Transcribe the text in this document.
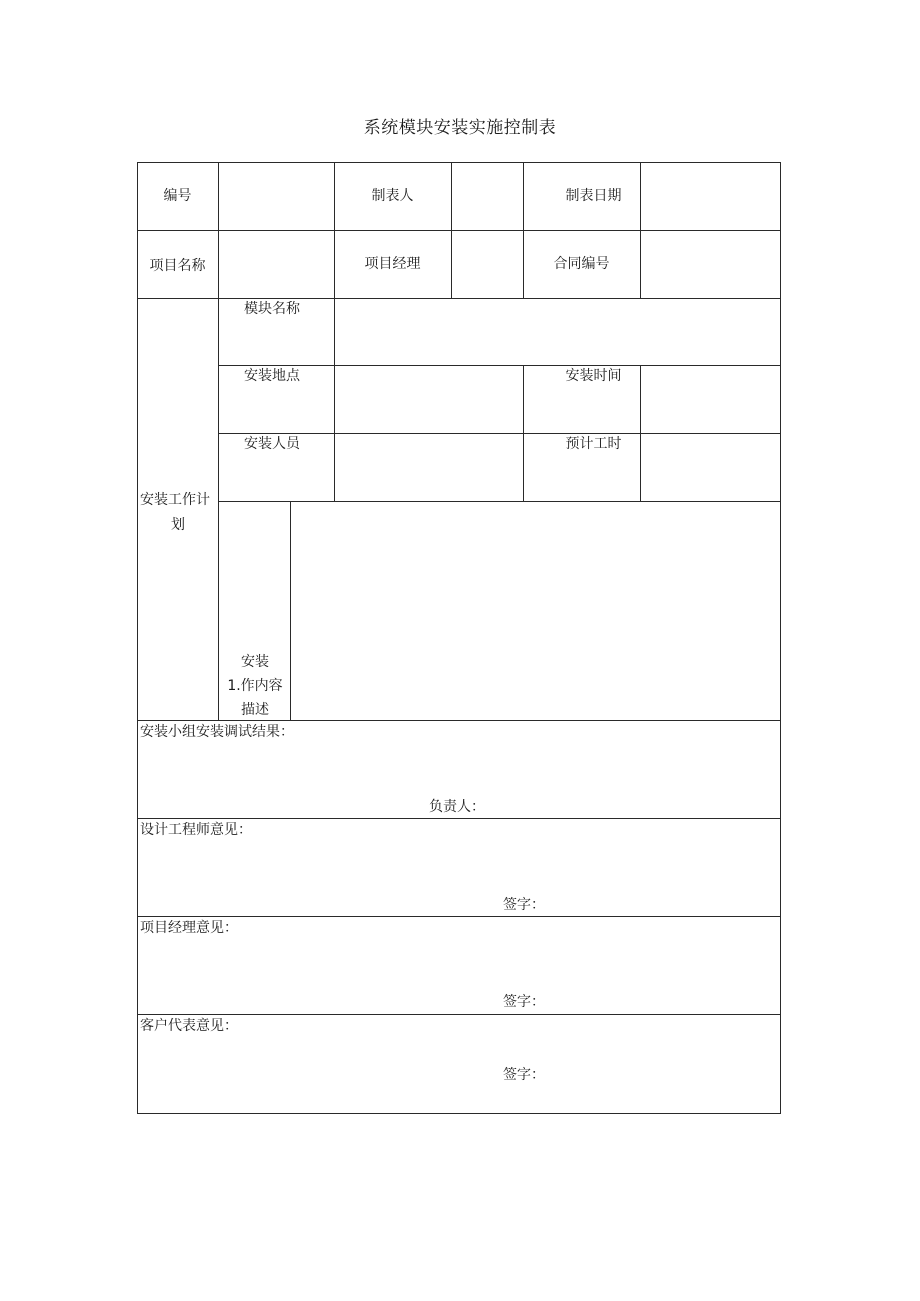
系统模块安装实施控制表
编号	制表人	制表日期
项目名称	项目经理	合同编号
安装工作计
划
模块名称
安装地点	安装时间
安装人员	预计工时
安装
1.作内容
描述
安装小组安装调试结果：
负责人：
设计工程师意见：
签字：
项目经理意见：
签字：
客户代表意见：
签字：
